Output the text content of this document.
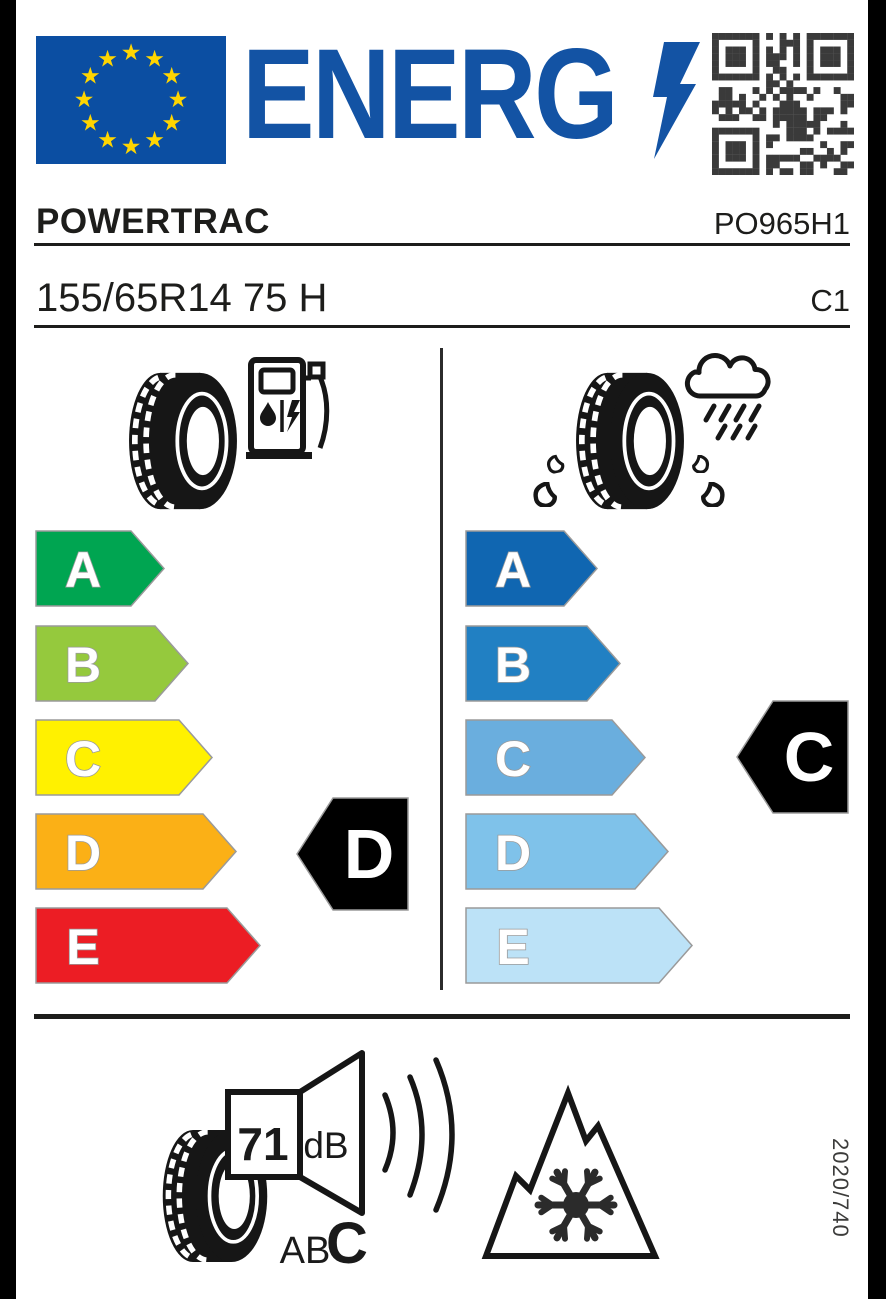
★ ★
★
★
★
★
★
★
★
★
★
★ ENERG
POWERTRAC	PO965H1
155/65R14 75 H	C1
A
B
C
D
E
D
A
B
C
D
E
C
71 dB
AB
C
2020/740
